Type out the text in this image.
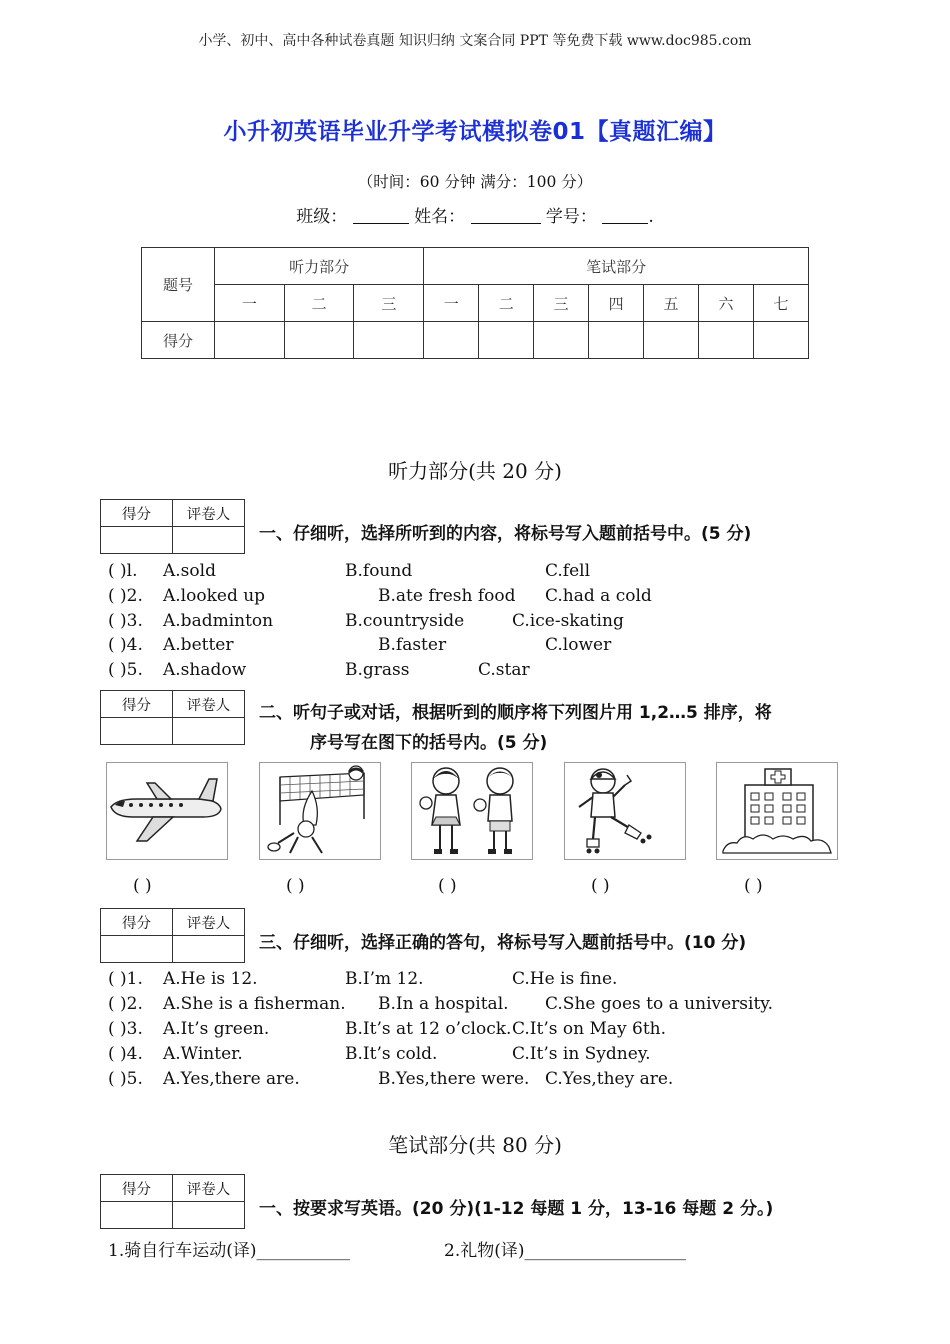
小学、初中、高中各种试卷真题 知识归纳 文案合同 PPT 等免费下载 www.doc985.com
小升初英语毕业升学考试模拟卷01【真题汇编】
（时间：60 分钟 满分：100 分）
班级：	姓名：	学号：	.
题号	听力部分			笔试部分						
	一	二	三	一	二	三	四	五	六	七
得分										
听力部分(共 20 分)
得分	评卷人

一、仔细听，选择所听到的内容，将标号写入题前括号中。(5 分)
( )l. A.sold	B.found	C.fell
( )2. A.looked up	B.ate fresh food C.had a cold
( )3. A.badminton	B.countryside	C.ice-skating
( )4. A.better	B.faster	C.lower
( )5. A.shadow	B.grass	C.star
得分	评卷人
	二、听句子或对话，根据听到的顺序将下列图片用 1,2…5 排序，将
序号写在图下的括号内。(5 分)
( )	( )	( )	( )	( )
得分	评卷人

三、仔细听，选择正确的答句，将标号写入题前括号中。(10 分)
( )1. A.He is 12.	B.I’m 12.	C.He is fine.
( )2. A.She is a fisherman. B.In a hospital. C.She goes to a university.
( )3. A.It’s green.	B.It’s at 12 o’clock. C.It’s on May 6th.
( )4. A.Winter.	B.It’s cold.	C.It’s in Sydney.
( )5. A.Yes,there are.	B.Yes,there were. C.Yes,they are.
笔试部分(共 80 分)
得分	评卷人

一、按要求写英语。(20 分)(1-12 每题 1 分，13-16 每题 2 分。)
1.骑自行车运动(译)___________	2.礼物(译)___________________
